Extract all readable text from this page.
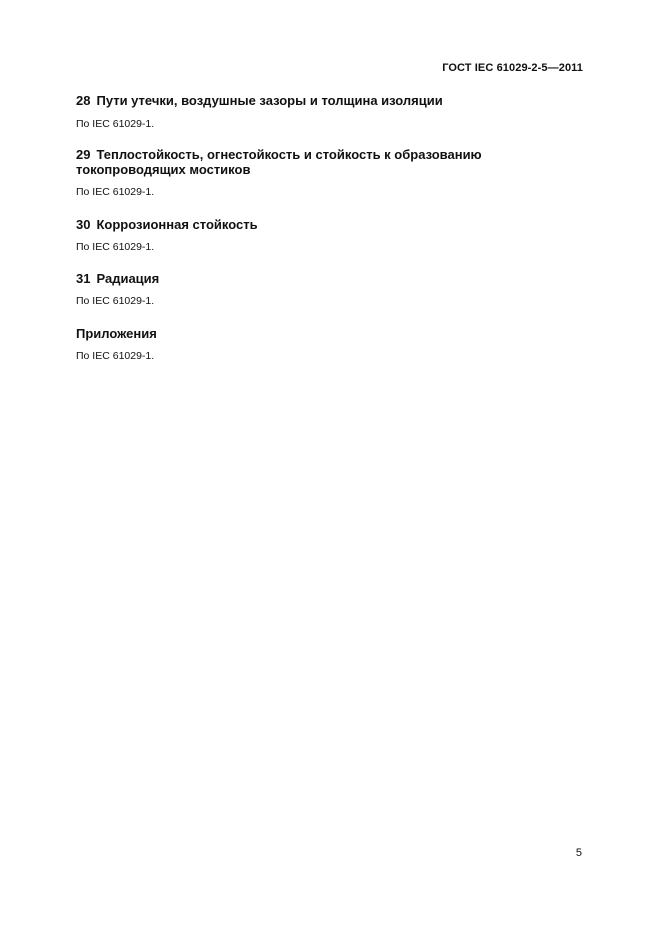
ГОСТ IEC 61029-2-5—2011

28 Пути утечки, воздушные зазоры и толщина изоляции

По IEC 61029-1.

29 Теплостойкость, огнестойкость и стойкость к образованию

токопроводящих мостиков

По IEC 61029-1.

30 Коррозионная стойкость

По IEC 61029-1.

31 Радиация

По IEC 61029-1.

Приложения

По IEC 61029-1.

5
